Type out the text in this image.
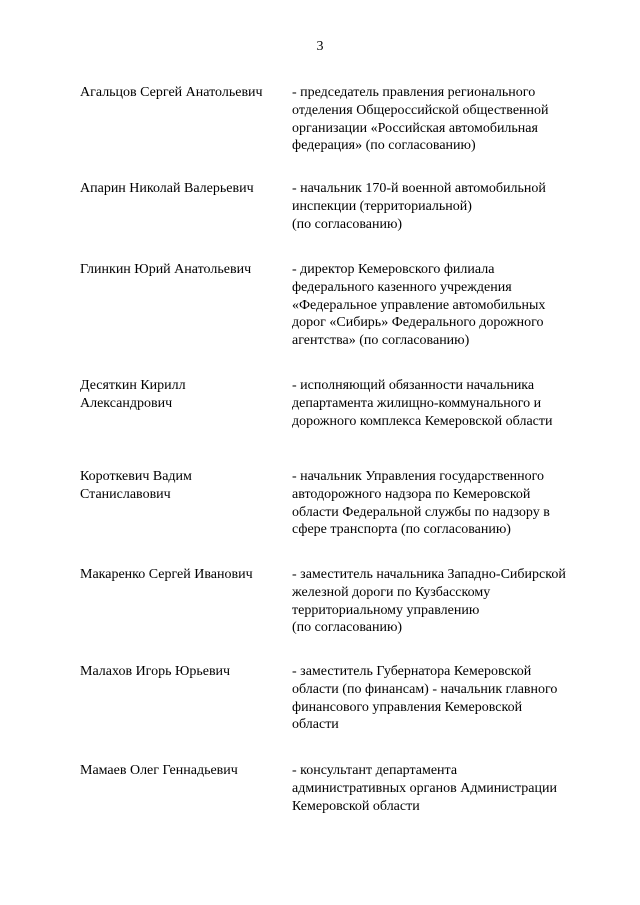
3
Агальцов Сергей Анатольевич	- председатель правления регионального
отделения Общероссийской общественной
организации «Российская автомобильная
федерация» (по согласованию)
Апарин Николай Валерьевич	- начальник 170-й военной автомобильной
инспекции (территориальной)
(по согласованию)
Глинкин Юрий Анатольевич	- директор Кемеровского филиала
федерального казенного учреждения
«Федеральное управление автомобильных
дорог «Сибирь» Федерального дорожного
агентства» (по согласованию)
Десяткин Кирилл
Александрович
- исполняющий обязанности начальника
департамента жилищно-коммунального и
дорожного комплекса Кемеровской области
Короткевич Вадим
Станиславович
- начальник Управления государственного
автодорожного надзора по Кемеровской
области Федеральной службы по надзору в
сфере транспорта (по согласованию)
Макаренко Сергей Иванович	- заместитель начальника Западно-Сибирской
железной дороги по Кузбасскому
территориальному управлению
(по согласованию)
Малахов Игорь Юрьевич	- заместитель Губернатора Кемеровской
области (по финансам) - начальник главного
финансового управления Кемеровской
области
Мамаев Олег Геннадьевич	- консультант департамента
административных органов Администрации
Кемеровской области
